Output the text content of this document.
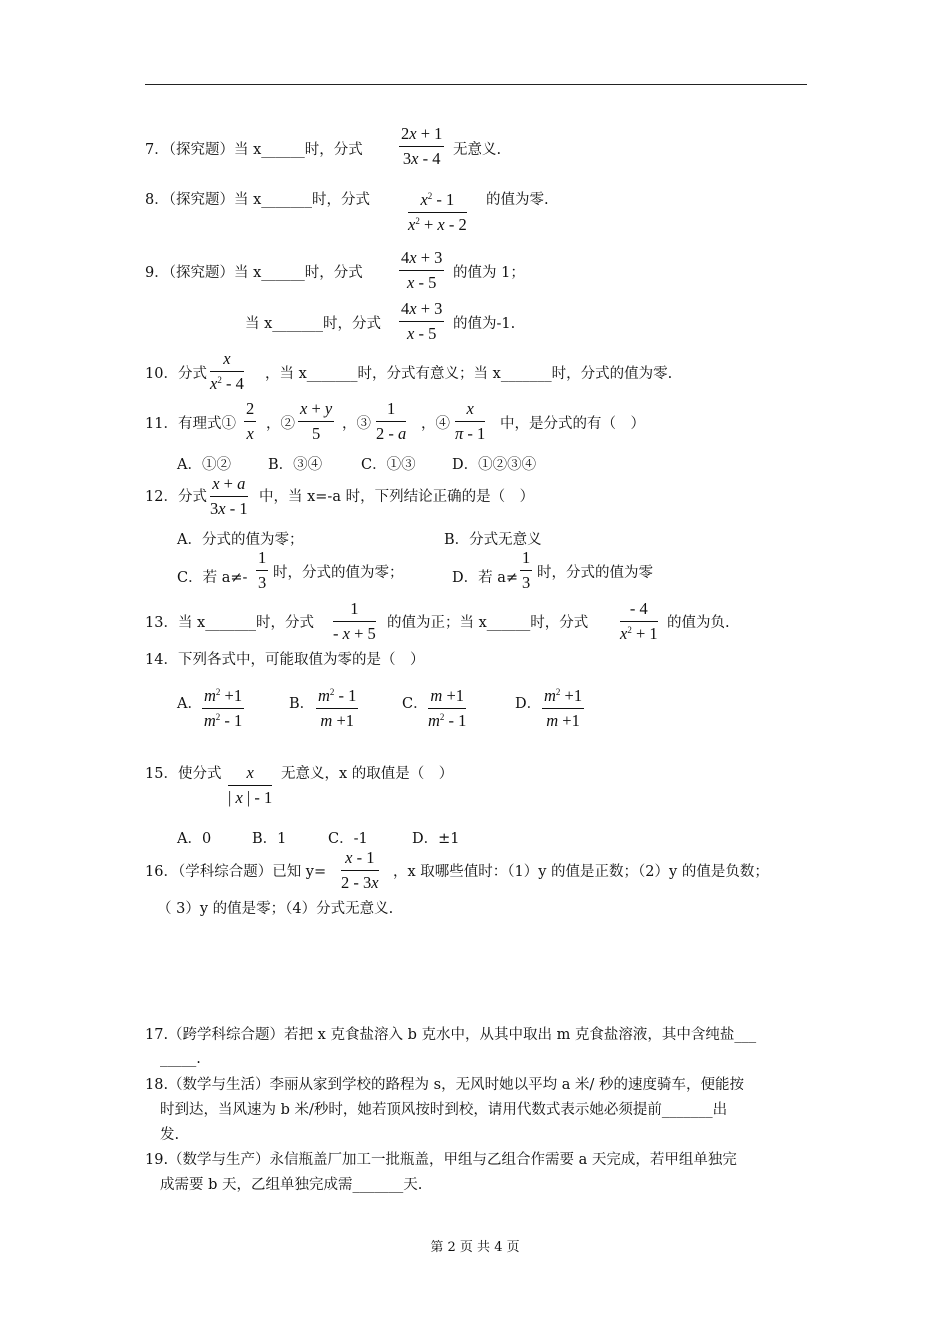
7．（探究题）当 x______时，分式 $\frac{2x + 1}{3x - 4}$ 无意义.
8．（探究题）当 x_______时，分式 $\frac{x^2 - 1}{x^2 + x - 2}$ 的值为零.
9．（探究题）当 x______时，分式 $\frac{4x + 3}{x - 5}$ 的值为 1；
当 x_______时，分式 $\frac{4x + 3}{x - 5}$ 的值为-1.
10．分式 $\frac{x}{x^2 - 4}$ ，当 x_______时，分式有意义；当 x_______时，分式的值为零.
11．有理式① $\frac{2}{x}$ ，② $\frac{x + y}{5}$ ，③ $\frac{1}{2 - a}$ ，④ $\frac{x}{\pi - 1}$ 中，是分式的有（　）
A．①②	B．③④	C．①③	D．①②③④
12．分式 $\frac{x + a}{3x - 1}$ 中，当 x=-a 时，下列结论正确的是（　）
A．分式的值为零；	B．分式无意义
C．若 $a\ne- \frac{1}{3}$ 时，分式的值为零；	D．若 $a\ne \frac{1}{3}$ 时，分式的值为零
13．当 x_______时，分式 $\frac{1}{- x + 5}$ 的值为正；当 x______时，分式 $\frac{- 4}{x^2 + 1}$ 的值为负.
14．下列各式中，可能取值为零的是（　）
A． $\frac{m^2 +1}{m^2 - 1}$	B． $\frac{m^2 - 1}{m +1}$	C． $\frac{m +1}{m^2 - 1}$	D． $\frac{m^2 +1}{m +1}$
15．使分式 $\frac{x}{| x | - 1}$ 无意义，x 的取值是（　）
A．0	B．1	C．-1	D．±1
16．（学科综合题）已知 $y= \frac{x - 1}{2 - 3x}$ ，x 取哪些值时：（1）y 的值是正数；（2）y 的值是负数；
（ 3）y 的值是零；（4）分式无意义.
17.（跨学科综合题）若把 x 克食盐溶入 b 克水中，从其中取出 m 克食盐溶液，其中含纯盐___
_____.
18.（数学与生活）李丽从家到学校的路程为 s，无风时她以平均 a 米/ 秒的速度骑车，便能按
时到达，当风速为 b 米/秒时，她若顶风按时到校，请用代数式表示她必须提前_______出
发.
19.（数学与生产）永信瓶盖厂加工一批瓶盖，甲组与乙组合作需要 a 天完成，若甲组单独完
成需要 b 天，乙组单独完成需_______天.
第 2 页 共 4 页
